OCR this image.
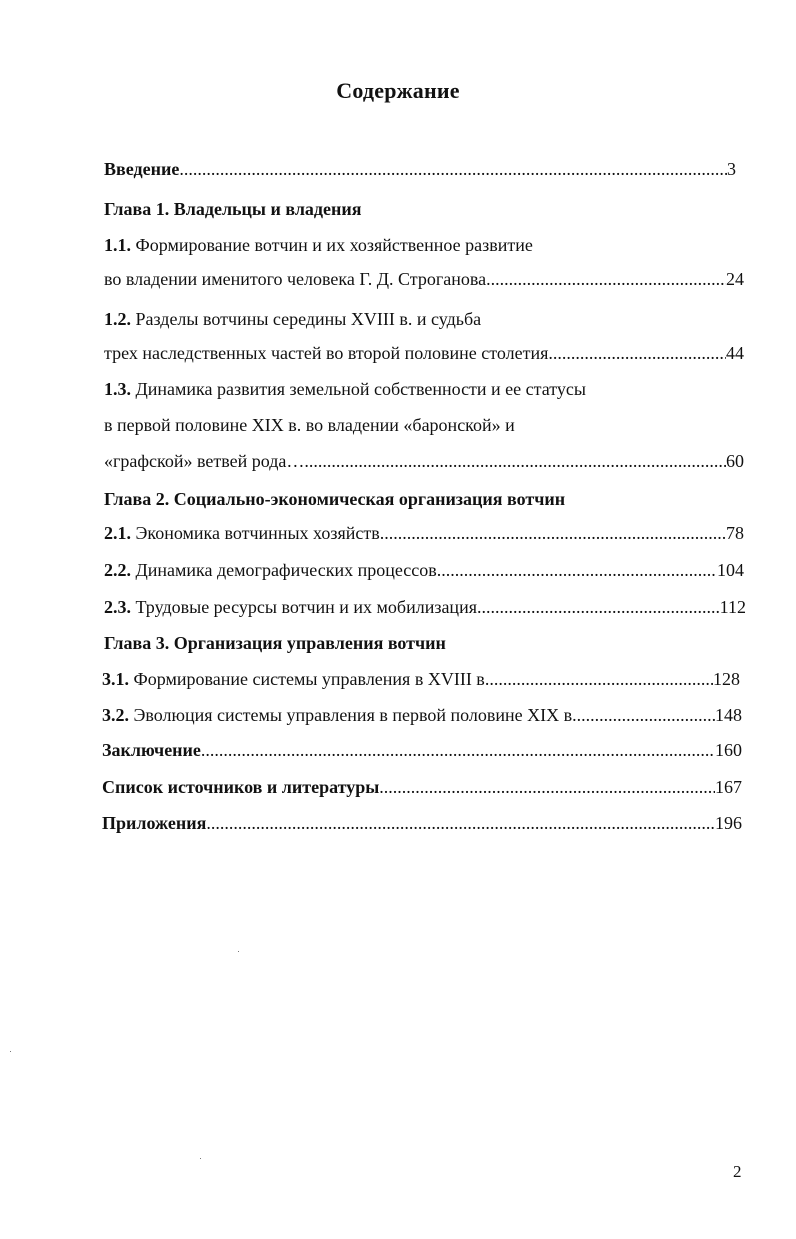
Содержание
Введение .....	3
Глава 1. Владельцы и владения
1.1. Формирование вотчин и их хозяйственное развитие
во владении именитого человека Г. Д. Строганова .....	24
1.2. Разделы вотчины середины XVIII в. и судьба
трех наследственных частей во второй половине столетия .....	44
1.3. Динамика развития земельной собственности и ее статусы
в первой половине XIX в. во владении «баронской» и
«графской» ветвей рода… .....	60
Глава 2. Социально-экономическая организация вотчин
2.1. Экономика вотчинных хозяйств .....	78
2.2. Динамика демографических процессов .....	104
2.3. Трудовые ресурсы вотчин и их мобилизация .....	112
Глава 3. Организация управления вотчин
3.1. Формирование системы управления в XVIII в .....	128
3.2. Эволюция системы управления в первой половине XIX в .....	148
Заключение .....	160
Список источников и литературы .....	167
Приложения .....	196
2
